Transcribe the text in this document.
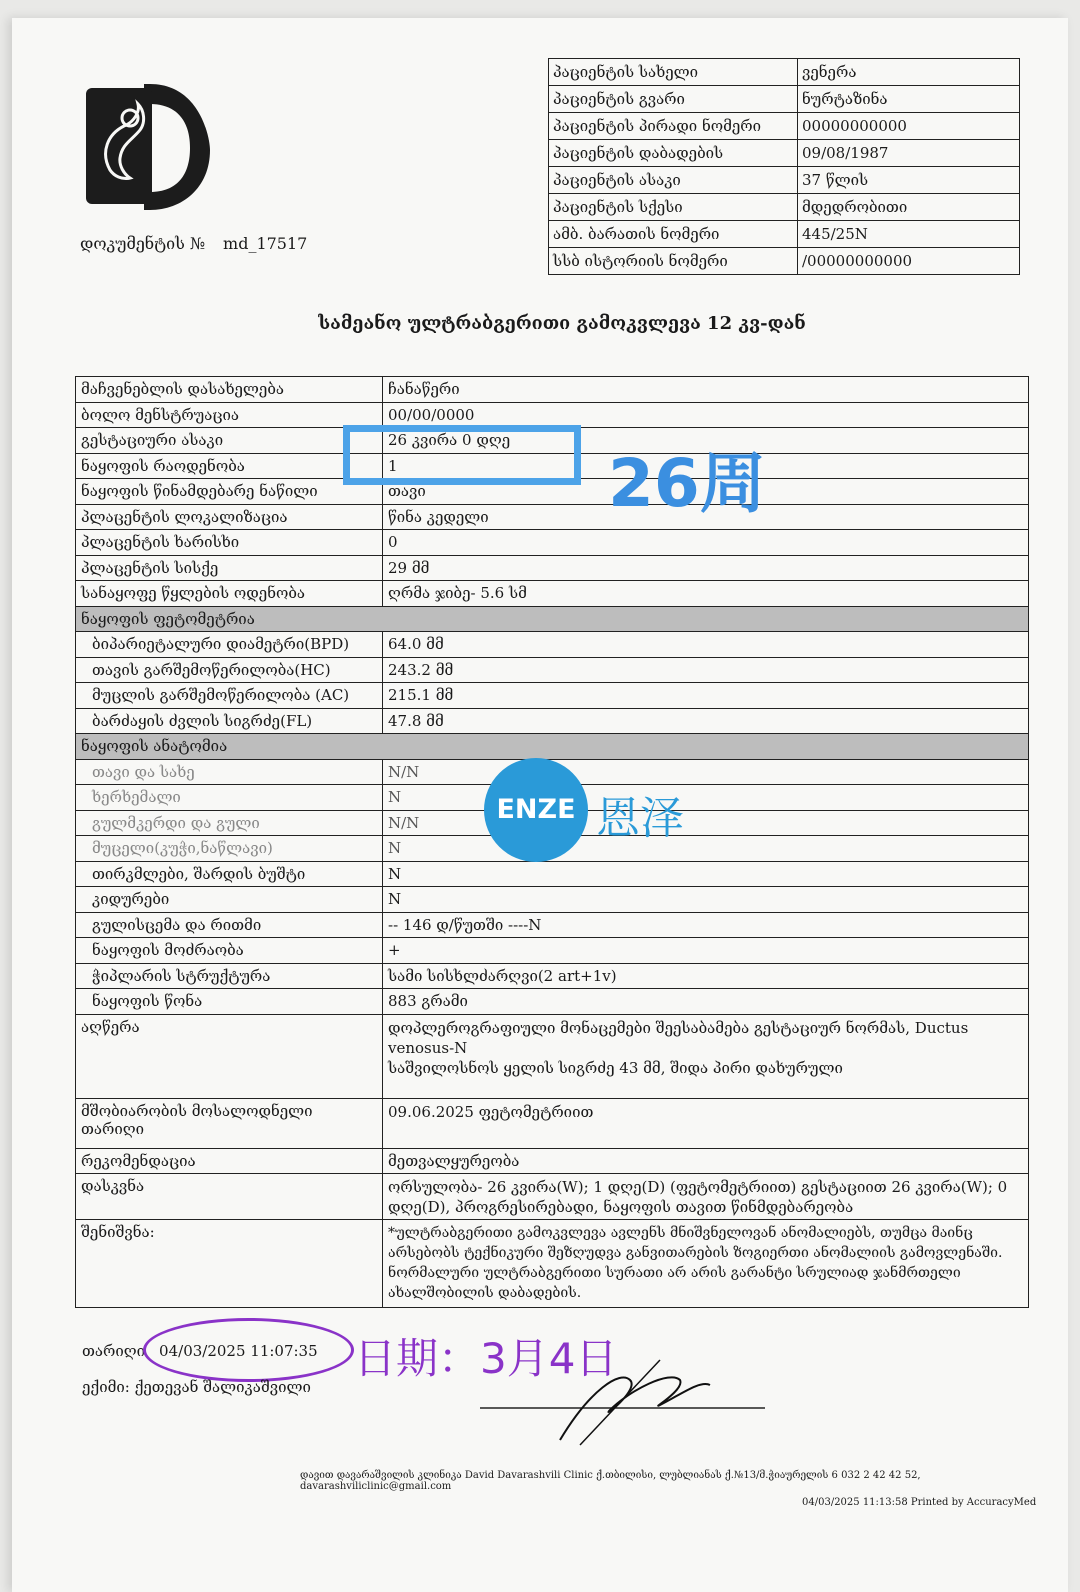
დოკუმენტის № md_17517
პაციენტის სახელი	ვენერა
პაციენტის გვარი	ნურტაზინა
პაციენტის პირადი ნომერი	00000000000
პაციენტის დაბადების	09/08/1987
პაციენტის ასაკი	37 წლის
პაციენტის სქესი	მდედრობითი
ამბ. ბარათის ნომერი	445/25N
სსბ ისტორიის ნომერი	/00000000000
სამეანო ულტრაბგერითი გამოკვლევა 12 კვ-დან
მაჩვენებლის დასახელება	ჩანაწერი
ბოლო მენსტრუაცია	00/00/0000
გესტაციური ასაკი	26 კვირა 0 დღე
ნაყოფის რაოდენობა	1
ნაყოფის წინამდებარე ნაწილი	თავი
პლაცენტის ლოკალიზაცია	წინა კედელი
პლაცენტის ხარისხი	0
პლაცენტის სისქე	29 მმ
სანაყოფე წყლების ოდენობა	ღრმა ჯიბე- 5.6 სმ
ნაყოფის ფეტომეტრია	
ბიპარიეტალური დიამეტრი(BPD)	64.0 მმ
თავის გარშემოწერილობა(HC)	243.2 მმ
მუცლის გარშემოწერილობა (AC)	215.1 მმ
ბარძაყის ძვლის სიგრძე(FL)	47.8 მმ
ნაყოფის ანატომია	
თავი და სახე	N/N
ხერხემალი	N
გულმკერდი და გული	N/N
მუცელი(კუჭი,ნაწლავი)	N
თირკმლები, შარდის ბუშტი	N
კიდურები	N
გულისცემა და რითმი	-- 146 დ/წუთში ----N
ნაყოფის მოძრაობა	+
ჭიპლარის სტრუქტურა	სამი სისხლძარღვი(2 art+1v)
ნაყოფის წონა	883 გრამი
აღწერა	დოპლეროგრაფიული მონაცემები შეესაბამება გესტაციურ ნორმას, Ductus venosus-N
საშვილოსნოს ყელის სიგრძე 43 მმ, შიდა პირი დახურული

მშობიარობის მოსალოდნელი თარიღი	09.06.2025 ფეტომეტრიით
რეკომენდაცია	მეთვალყურეობა
დასკვნა	ორსულობა- 26 კვირა(W); 1 დღე(D) (ფეტომეტრიით) გესტაციით 26 კვირა(W); 0 დღე(D), პროგრესირებადი, ნაყოფის თავით წინმდებარეობა
შენიშვნა:	*ულტრაბგერითი გამოკვლევა ავლენს მნიშვნელოვან ანომალიებს, თუმცა მაინც არსებობს ტექნიკური შეზღუდვა განვითარების ზოგიერთი ანომალიის გამოვლენაში. ნორმალური ულტრაბგერითი სურათი არ არის გარანტი სრულიად ჯანმრთელი ახალშობილის დაბადების.
თარიღი 04/03/2025 11:07:35
ექიმი: ქეთევან შალიკაშვილი
დავით დავარაშვილის კლინიკა David Davarashvili Clinic ქ.თბილისი, ლუბლიანას ქ.№13/მ.ჭიაურელის 6 032 2 42 42 52, davarashviliclinic@gmail.com
04/03/2025 11:13:58 Printed by AccuracyMed
26周
日期：3月4日
ENZE 恩泽
